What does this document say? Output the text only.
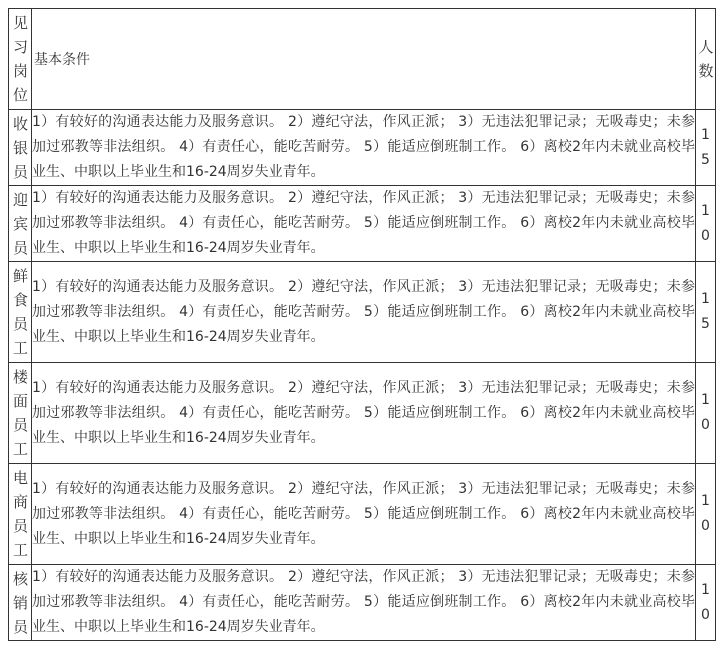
见习岗位	基本条件	人数

收银员	1）有较好的沟通表达能力及服务意识。 2）遵纪守法，作风正派； 3）无违法犯罪记录；无吸毒史；未参加过邪教等非法组织。 4）有责任心，能吃苦耐劳。 5）能适应倒班制工作。 6）离校2年内未就业高校毕业生、中职以上毕业生和16-24周岁失业青年。	15

迎宾员	1）有较好的沟通表达能力及服务意识。 2）遵纪守法，作风正派； 3）无违法犯罪记录；无吸毒史；未参加过邪教等非法组织。 4）有责任心，能吃苦耐劳。 5）能适应倒班制工作。 6）离校2年内未就业高校毕业生、中职以上毕业生和16-24周岁失业青年。	10

鲜食员工	1）有较好的沟通表达能力及服务意识。 2）遵纪守法，作风正派； 3）无违法犯罪记录；无吸毒史；未参加过邪教等非法组织。 4）有责任心，能吃苦耐劳。 5）能适应倒班制工作。 6）离校2年内未就业高校毕业生、中职以上毕业生和16-24周岁失业青年。	15

楼面员工	1）有较好的沟通表达能力及服务意识。 2）遵纪守法，作风正派； 3）无违法犯罪记录；无吸毒史；未参加过邪教等非法组织。 4）有责任心，能吃苦耐劳。 5）能适应倒班制工作。 6）离校2年内未就业高校毕业生、中职以上毕业生和16-24周岁失业青年。	10

电商员工	1）有较好的沟通表达能力及服务意识。 2）遵纪守法，作风正派； 3）无违法犯罪记录；无吸毒史；未参加过邪教等非法组织。 4）有责任心，能吃苦耐劳。 5）能适应倒班制工作。 6）离校2年内未就业高校毕业生、中职以上毕业生和16-24周岁失业青年。	10

核销员	1）有较好的沟通表达能力及服务意识。 2）遵纪守法，作风正派； 3）无违法犯罪记录；无吸毒史；未参加过邪教等非法组织。 4）有责任心，能吃苦耐劳。 5）能适应倒班制工作。 6）离校2年内未就业高校毕业生、中职以上毕业生和16-24周岁失业青年。	10
